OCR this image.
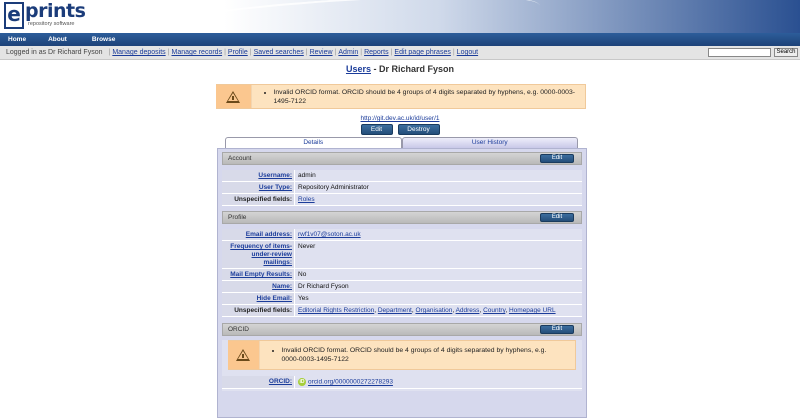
e prints
repository software
Home	About	Browse
Logged in as Dr Richard Fyson | Manage deposits | Manage records | Profile | Saved searches | Review | Admin | Reports | Edit page phrases | Logout	Search
Users - Dr Richard Fyson
• Invalid ORCID format. ORCID should be 4 groups of 4 digits separated by hyphens, e.g. 0000-0003-1495-7122
http://git.dev.ac.uk/id/user/1
Edit	Destroy
Details	User History
Account	Edit
Username: admin
User Type: Repository Administrator
Unspecified fields: Roles
Profile	Edit
Email address: rwf1v07@soton.ac.uk
Frequency of items-under-review mailings:
Never
Mail Empty Results: No
Name: Dr Richard Fyson
Hide Email: Yes
Unspecified fields: Editorial Rights Restriction, Department, Organisation, Address, Country, Homepage URL
ORCID	Edit
• Invalid ORCID format. ORCID should be 4 groups of 4 digits separated by hyphens, e.g. 0000-0003-1495-7122
ORCID:	iD orcid.org/0000000272278293
